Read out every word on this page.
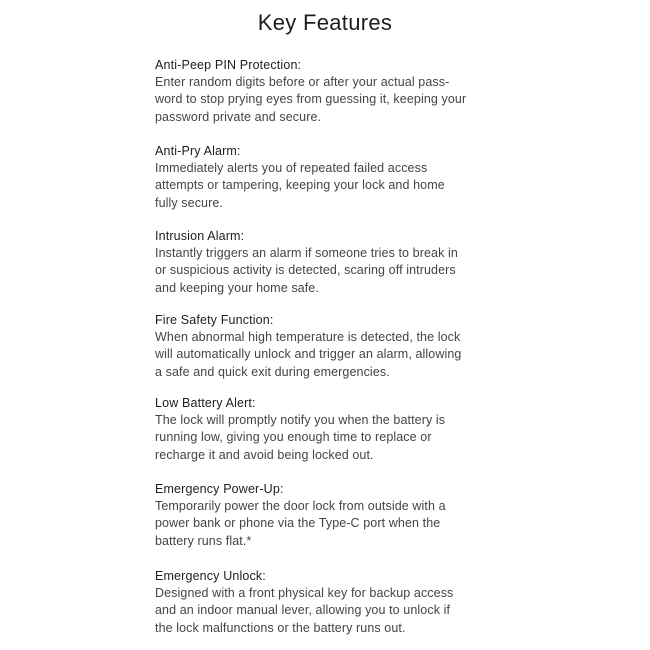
Key Features
Anti-Peep PIN Protection:
Enter random digits before or after your actual pass-
word to stop prying eyes from guessing it, keeping your
password private and secure.
Anti-Pry Alarm:
Immediately alerts you of repeated failed access
attempts or tampering, keeping your lock and home
fully secure.
Intrusion Alarm:
Instantly triggers an alarm if someone tries to break in
or suspicious activity is detected, scaring off intruders
and keeping your home safe.
Fire Safety Function:
When abnormal high temperature is detected, the lock
will automatically unlock and trigger an alarm, allowing
a safe and quick exit during emergencies.
Low Battery Alert:
The lock will promptly notify you when the battery is
running low, giving you enough time to replace or
recharge it and avoid being locked out.
Emergency Power-Up:
Temporarily power the door lock from outside with a
power bank or phone via the Type-C port when the
battery runs flat.*
Emergency Unlock:
Designed with a front physical key for backup access
and an indoor manual lever, allowing you to unlock if
the lock malfunctions or the battery runs out.
